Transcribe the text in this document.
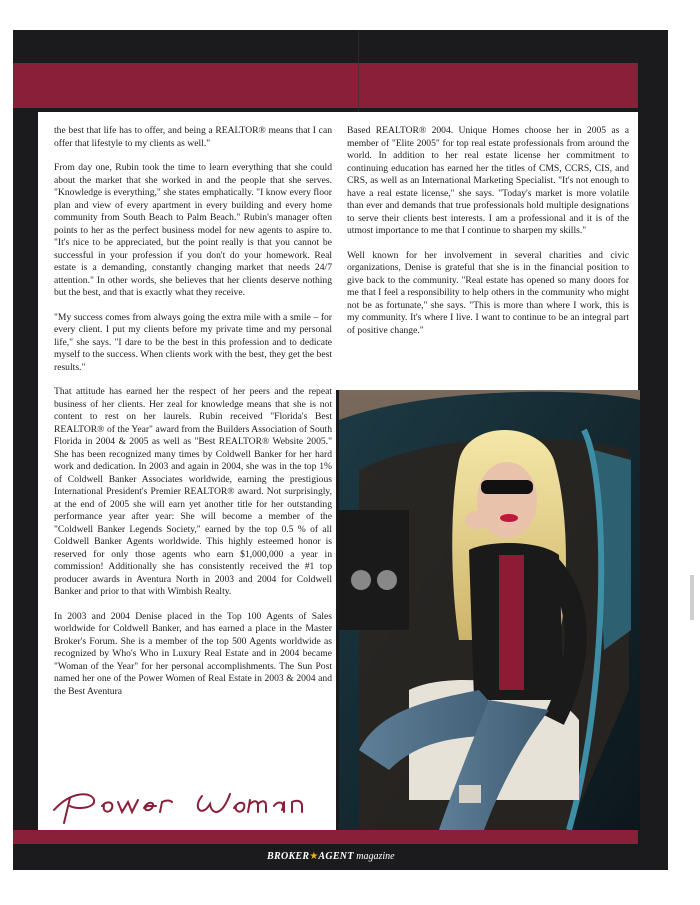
the best that life has to offer, and being a REALTOR® means that I can offer that lifestyle to my clients as well."

From day one, Rubin took the time to learn everything that she could about the market that she worked in and the people that she serves. "Knowledge is everything," she states emphatically. "I know every floor plan and view of every apartment in every building and every home community from South Beach to Palm Beach." Rubin's manager often points to her as the perfect business model for new agents to aspire to. "It's nice to be appreciated, but the point really is that you cannot be successful in your profession if you don't do your homework. Real estate is a demanding, constantly changing market that needs 24/7 attention." In other words, she believes that her clients deserve nothing but the best, and that is exactly what they receive.

"My success comes from always going the extra mile with a smile – for every client. I put my clients before my private time and my personal life," she says. "I dare to be the best in this profession and to dedicate myself to the success. When clients work with the best, they get the best results."

That attitude has earned her the respect of her peers and the repeat business of her clients. Her zeal for knowledge means that she is not content to rest on her laurels. Rubin received "Florida's Best REALTOR® of the Year" award from the Builders Association of South Florida in 2004 & 2005 as well as "Best REALTOR® Website 2005." She has been recognized many times by Coldwell Banker for her hard work and dedication. In 2003 and again in 2004, she was in the top 1% of Coldwell Banker Associates worldwide, earning the prestigious International President's Premier REALTOR® award. Not surprisingly, at the end of 2005 she will earn yet another title for her outstanding performance year after year: She will become a member of the "Coldwell Banker Legends Society," earned by the top 0.5 % of all Coldwell Banker Agents worldwide. This highly esteemed honor is reserved for only those agents who earn $1,000,000 a year in commission! Additionally she has consistently received the #1 top producer awards in Aventura North in 2003 and 2004 for Coldwell Banker and prior to that with Wimbish Realty.

In 2003 and 2004 Denise placed in the Top 100 Agents of Sales worldwide for Coldwell Banker, and has earned a place in the Master Broker's Forum. She is a member of the top 500 Agents worldwide as recognized by Who's Who in Luxury Real Estate and in 2004 became "Woman of the Year" for her personal accomplishments. The Sun Post named her one of the Power Women of Real Estate in 2003 & 2004 and the Best Aventura

Based REALTOR® 2004. Unique Homes choose her in 2005 as a member of "Elite 2005" for top real estate professionals from around the world. In addition to her real estate license her commitment to continuing education has earned her the titles of CMS, CCRS, CIS, and CRS, as well as an International Marketing Specialist. "It's not enough to have a real estate license," she says. "Today's market is more volatile than ever and demands that true professionals hold multiple designations to serve their clients best interests. I am a professional and it is of the utmost importance to me that I continue to sharpen my skills."

Well known for her involvement in several charities and civic organizations, Denise is grateful that she is in the financial position to give back to the community. "Real estate has opened so many doors for me that I feel a responsibility to help others in the community who might not be as fortunate," she says. "This is more than where I work, this is my community. It's where I live. I want to continue to be an integral part of positive change."

BROKER★AGENT magazine
